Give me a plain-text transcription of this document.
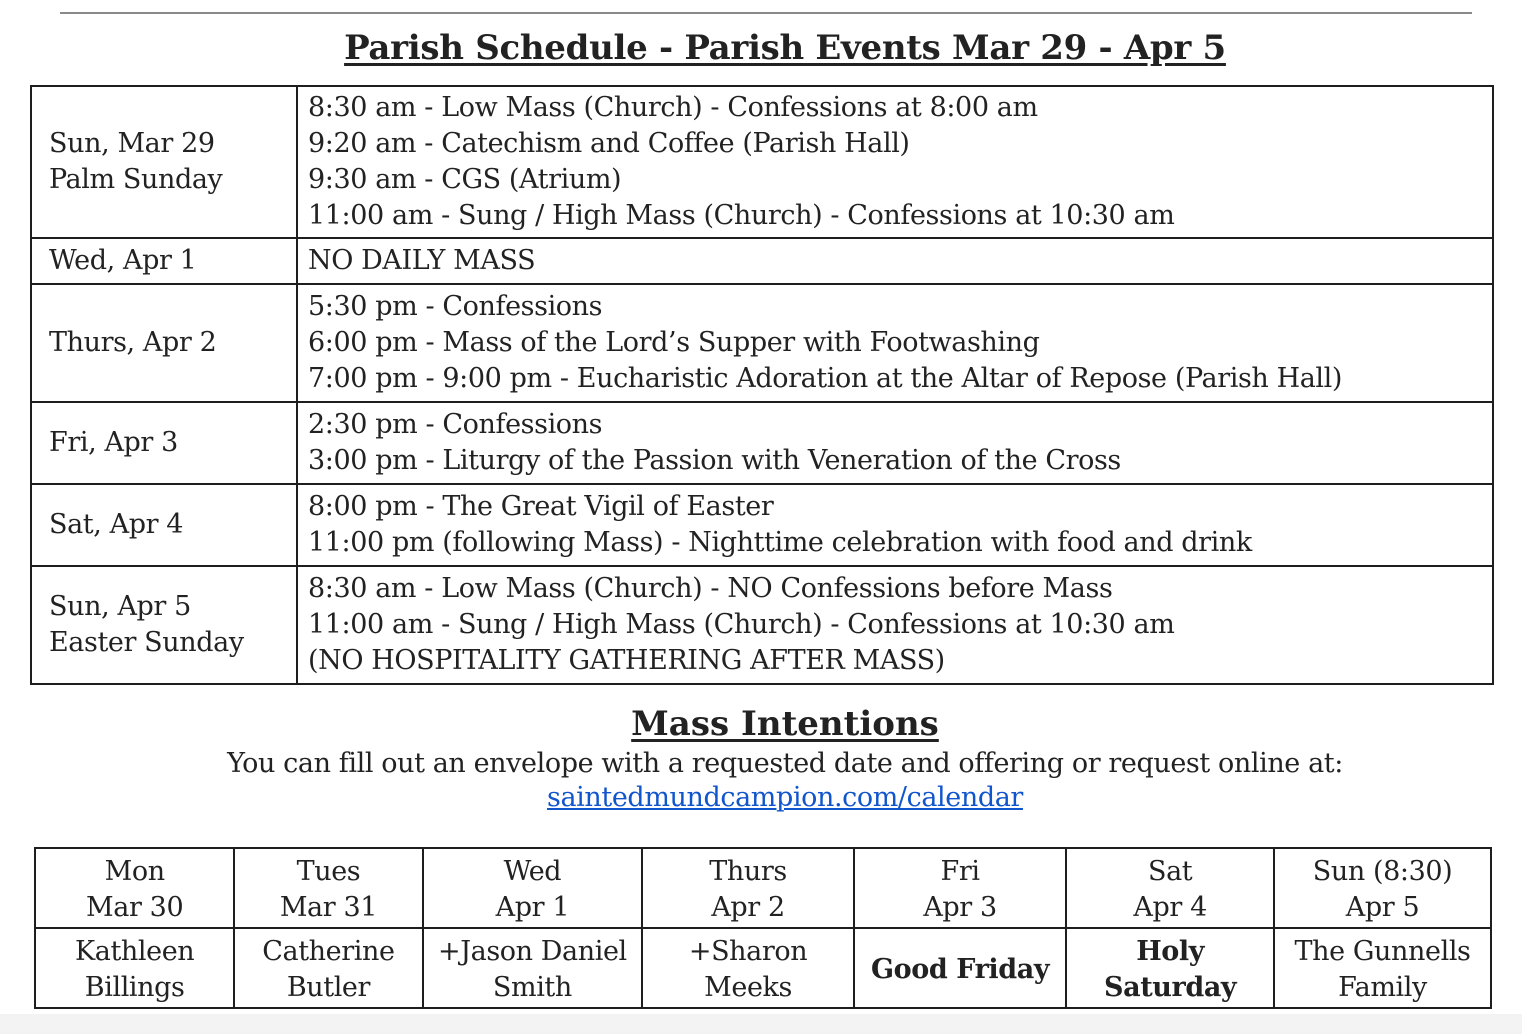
Parish Schedule - Parish Events Mar 29 - Apr 5
Sun, Mar 29
Palm Sunday	8:30 am - Low Mass (Church) - Confessions at 8:00 am
9:20 am - Catechism and Coffee (Parish Hall)
9:30 am - CGS (Atrium)
11:00 am - Sung / High Mass (Church) - Confessions at 10:30 am

Wed, Apr 1	NO DAILY MASS

Thurs, Apr 2	5:30 pm - Confessions
6:00 pm - Mass of the Lord’s Supper with Footwashing
7:00 pm - 9:00 pm - Eucharistic Adoration at the Altar of Repose (Parish Hall)

Fri, Apr 3	2:30 pm - Confessions
3:00 pm - Liturgy of the Passion with Veneration of the Cross

Sat, Apr 4	8:00 pm - The Great Vigil of Easter
11:00 pm (following Mass) - Nighttime celebration with food and drink

Sun, Apr 5
Easter Sunday	8:30 am - Low Mass (Church) - NO Confessions before Mass
11:00 am - Sung / High Mass (Church) - Confessions at 10:30 am
(NO HOSPITALITY GATHERING AFTER MASS)
Mass Intentions
You can fill out an envelope with a requested date and offering or request online at:
saintedmundcampion.com/calendar
Mon
Mar 30	Tues
Mar 31	Wed
Apr 1	Thurs
Apr 2	Fri
Apr 3	Sat
Apr 4	Sun (8:30)
Apr 5

Kathleen
Billings	Catherine
Butler	+Jason Daniel
Smith	+Sharon
Meeks	Good Friday	Holy
Saturday	The Gunnells
Family
